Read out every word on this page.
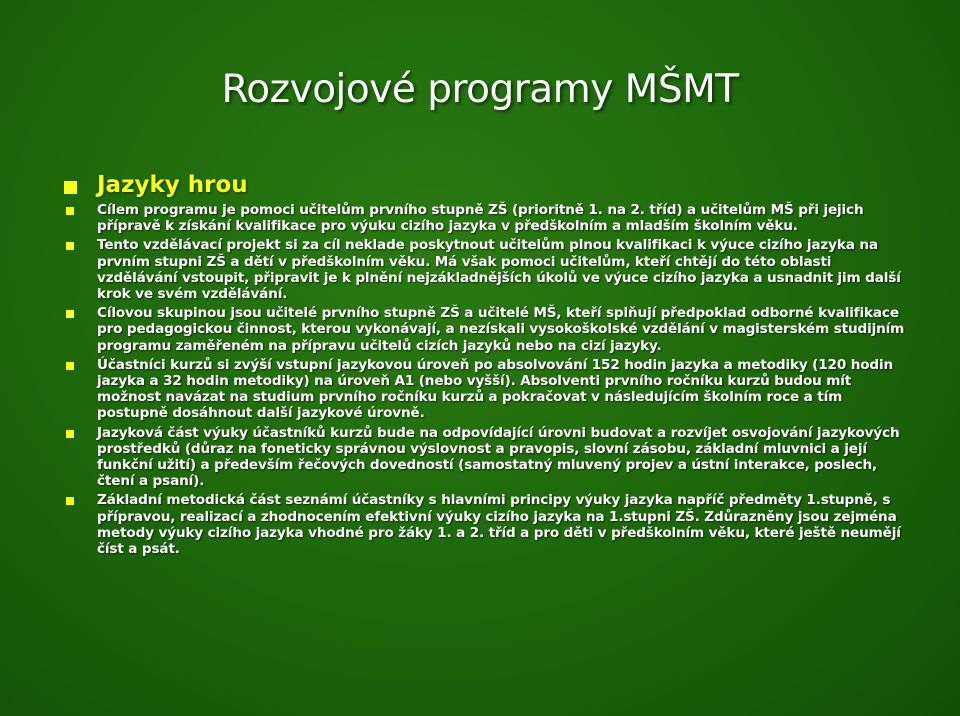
Rozvojové programy MŠMT
Jazyky hrou
Cílem programu je pomoci učitelům prvního stupně ZŠ (prioritně 1. na 2. tříd) a učitelům MŠ při jejich přípravě k získání kvalifikace pro výuku cizího jazyka v předškolním a mladším školním věku.
Tento vzdělávací projekt si za cíl neklade poskytnout učitelům plnou kvalifikaci k výuce cizího jazyka na prvním stupni ZŠ a dětí v předškolním věku. Má však pomoci učitelům, kteří chtějí do této oblasti vzdělávání vstoupit, připravit je k plnění nejzákladnějších úkolů ve výuce cizího jazyka a usnadnit jim další krok ve svém vzdělávání.
Cílovou skupinou jsou učitelé prvního stupně ZŠ a učitelé MŠ, kteří splňují předpoklad odborné kvalifikace pro pedagogickou činnost, kterou vykonávají, a nezískali vysokoškolské vzdělání v magisterském studijním programu zaměřeném na přípravu učitelů cizích jazyků nebo na cizí jazyky.
Účastníci kurzů si zvýší vstupní jazykovou úroveň po absolvování 152 hodin jazyka a metodiky (120 hodin jazyka a 32 hodin metodiky) na úroveň A1 (nebo vyšší). Absolventi prvního ročníku kurzů budou mít možnost navázat na studium prvního ročníku kurzů a pokračovat v následujícím školním roce a tím postupně dosáhnout další jazykové úrovně.
Jazyková část výuky účastníků kurzů bude na odpovídající úrovni budovat a rozvíjet osvojování jazykových prostředků (důraz na foneticky správnou výslovnost a pravopis, slovní zásobu, základní mluvnici a její funkční užití) a především řečových dovedností (samostatný mluvený projev a ústní interakce, poslech, čtení a psaní).
Základní metodická část seznámí účastníky s hlavními principy výuky jazyka napříč předměty 1.stupně, s přípravou, realizací a zhodnocením efektivní výuky cizího jazyka na 1.stupni ZŠ. Zdůrazněny jsou zejména metody výuky cizího jazyka vhodné pro žáky 1. a 2. tříd a pro děti v předškolním věku, které ještě neumějí číst a psát.
